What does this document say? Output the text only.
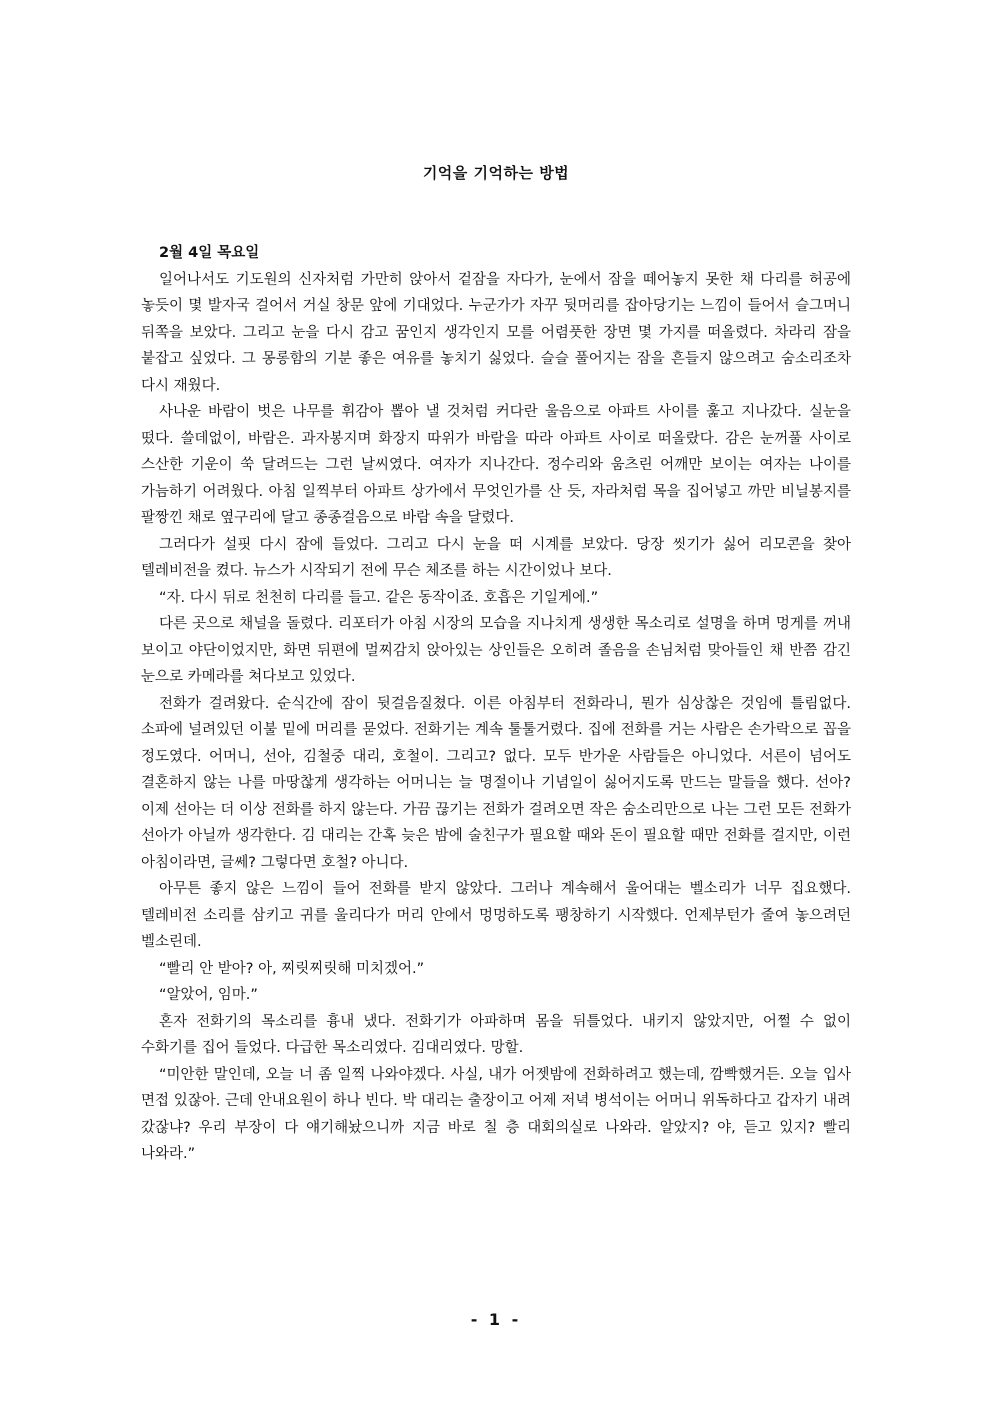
기억을 기억하는 방법
2월 4일 목요일

일어나서도 기도원의 신자처럼 가만히 앉아서 겉잠을 자다가, 눈에서 잠을 떼어놓지 못한 채 다리를 허공에 놓듯이 몇 발자국 걸어서 거실 창문 앞에 기대었다. 누군가가 자꾸 뒷머리를 잡아당기는 느낌이 들어서 슬그머니 뒤쪽을 보았다. 그리고 눈을 다시 감고 꿈인지 생각인지 모를 어렴풋한 장면 몇 가지를 떠올렸다. 차라리 잠을 붙잡고 싶었다. 그 몽롱함의 기분 좋은 여유를 놓치기 싫었다. 슬슬 풀어지는 잠을 흔들지 않으려고 숨소리조차 다시 재웠다.

사나운 바람이 벗은 나무를 휘감아 뽑아 낼 것처럼 커다란 울음으로 아파트 사이를 훑고 지나갔다. 실눈을 떴다. 쓸데없이, 바람은. 과자봉지며 화장지 따위가 바람을 따라 아파트 사이로 떠올랐다. 감은 눈꺼풀 사이로 스산한 기운이 쑥 달려드는 그런 날씨였다. 여자가 지나간다. 정수리와 움츠린 어깨만 보이는 여자는 나이를 가늠하기 어려웠다. 아침 일찍부터 아파트 상가에서 무엇인가를 산 듯, 자라처럼 목을 집어넣고 까만 비닐봉지를 팔짱낀 채로 옆구리에 달고 종종걸음으로 바람 속을 달렸다.

그러다가 설핏 다시 잠에 들었다. 그리고 다시 눈을 떠 시계를 보았다. 당장 씻기가 싫어 리모콘을 찾아 텔레비전을 켰다. 뉴스가 시작되기 전에 무슨 체조를 하는 시간이었나 보다.

“자. 다시 뒤로 천천히 다리를 들고. 같은 동작이죠. 호흡은 기일게에.”

다른 곳으로 채널을 돌렸다. 리포터가 아침 시장의 모습을 지나치게 생생한 목소리로 설명을 하며 멍게를 꺼내 보이고 야단이었지만, 화면 뒤편에 멀찌감치 앉아있는 상인들은 오히려 졸음을 손님처럼 맞아들인 채 반쯤 감긴 눈으로 카메라를 쳐다보고 있었다.

전화가 걸려왔다. 순식간에 잠이 뒷걸음질쳤다. 이른 아침부터 전화라니, 뭔가 심상찮은 것임에 틀림없다. 소파에 널려있던 이불 밑에 머리를 묻었다. 전화기는 계속 툴툴거렸다. 집에 전화를 거는 사람은 손가락으로 꼽을 정도였다. 어머니, 선아, 김철중 대리, 호철이. 그리고? 없다. 모두 반가운 사람들은 아니었다. 서른이 넘어도 결혼하지 않는 나를 마땅찮게 생각하는 어머니는 늘 명절이나 기념일이 싫어지도록 만드는 말들을 했다. 선아? 이제 선아는 더 이상 전화를 하지 않는다. 가끔 끊기는 전화가 걸려오면 작은 숨소리만으로 나는 그런 모든 전화가 선아가 아닐까 생각한다. 김 대리는 간혹 늦은 밤에 술친구가 필요할 때와 돈이 필요할 때만 전화를 걸지만, 이런 아침이라면, 글쎄? 그렇다면 호철? 아니다.

아무튼 좋지 않은 느낌이 들어 전화를 받지 않았다. 그러나 계속해서 울어대는 벨소리가 너무 집요했다. 텔레비전 소리를 삼키고 귀를 울리다가 머리 안에서 멍멍하도록 팽창하기 시작했다. 언제부턴가 줄여 놓으려던 벨소린데.

“빨리 안 받아? 아, 찌릿찌릿해 미치겠어.”

“알았어, 임마.”

혼자 전화기의 목소리를 흉내 냈다. 전화기가 아파하며 몸을 뒤틀었다. 내키지 않았지만, 어쩔 수 없이 수화기를 집어 들었다. 다급한 목소리였다. 김대리였다. 망할.

“미안한 말인데, 오늘 너 좀 일찍 나와야겠다. 사실, 내가 어젯밤에 전화하려고 했는데, 깜빡했거든. 오늘 입사 면접 있잖아. 근데 안내요원이 하나 빈다. 박 대리는 출장이고 어제 저녁 병석이는 어머니 위독하다고 갑자기 내려 갔잖냐? 우리 부장이 다 얘기해놨으니까 지금 바로 칠 층 대회의실로 나와라. 알았지? 야, 듣고 있지? 빨리 나와라.”

- 1 -
